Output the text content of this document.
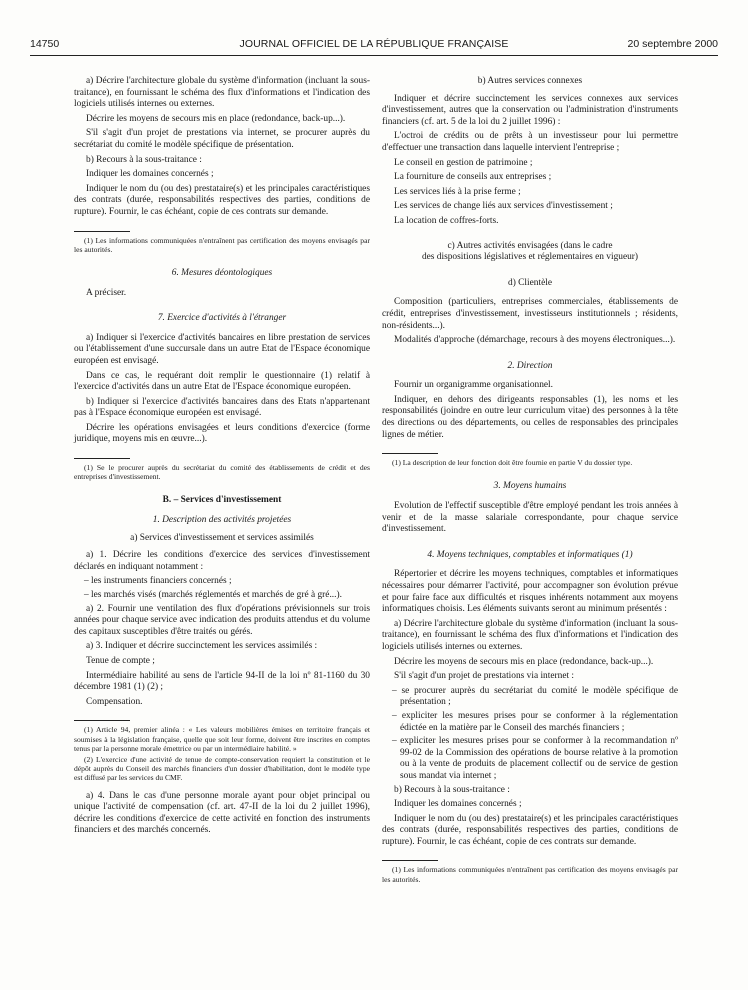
14750	JOURNAL OFFICIEL DE LA RÉPUBLIQUE FRANÇAISE	20 septembre 2000
a) Décrire l'architecture globale du système d'information (incluant la sous-traitance), en fournissant le schéma des flux d'informations et l'indication des logiciels utilisés internes ou externes.
Décrire les moyens de secours mis en place (redondance, back-up...).
S'il s'agit d'un projet de prestations via internet, se procurer auprès du secrétariat du comité le modèle spécifique de présentation.
b) Recours à la sous-traitance :
Indiquer les domaines concernés ;
Indiquer le nom du (ou des) prestataire(s) et les principales caractéristiques des contrats (durée, responsabilités respectives des parties, conditions de rupture). Fournir, le cas échéant, copie de ces contrats sur demande.
(1) Les informations communiquées n'entraînent pas certification des moyens envisagés par les autorités.
6. Mesures déontologiques
A préciser.
7. Exercice d'activités à l'étranger
a) Indiquer si l'exercice d'activités bancaires en libre prestation de services ou l'établissement d'une succursale dans un autre Etat de l'Espace économique européen est envisagé.
Dans ce cas, le requérant doit remplir le questionnaire (1) relatif à l'exercice d'activités dans un autre Etat de l'Espace économique européen.
b) Indiquer si l'exercice d'activités bancaires dans des Etats n'appartenant pas à l'Espace économique européen est envisagé.
Décrire les opérations envisagées et leurs conditions d'exercice (forme juridique, moyens mis en œuvre...).
(1) Se le procurer auprès du secrétariat du comité des établissements de crédit et des entreprises d'investissement.
B. – Services d'investissement
1. Description des activités projetées
a) Services d'investissement et services assimilés
a) 1. Décrire les conditions d'exercice des services d'investissement déclarés en indiquant notamment :
– les instruments financiers concernés ;
– les marchés visés (marchés réglementés et marchés de gré à gré...).
a) 2. Fournir une ventilation des flux d'opérations prévisionnels sur trois années pour chaque service avec indication des produits attendus et du volume des capitaux susceptibles d'être traités ou gérés.
a) 3. Indiquer et décrire succinctement les services assimilés :
Tenue de compte ;
Intermédiaire habilité au sens de l'article 94-II de la loi nº 81-1160 du 30 décembre 1981 (1) (2) ;
Compensation.
(1) Article 94, premier alinéa : « Les valeurs mobilières émises en territoire français et soumises à la législation française, quelle que soit leur forme, doivent être inscrites en comptes tenus par la personne morale émettrice ou par un intermédiaire habilité. »
(2) L'exercice d'une activité de tenue de compte-conservation requiert la constitution et le dépôt auprès du Conseil des marchés financiers d'un dossier d'habilitation, dont le modèle type est diffusé par les services du CMF.
a) 4. Dans le cas d'une personne morale ayant pour objet principal ou unique l'activité de compensation (cf. art. 47-II de la loi du 2 juillet 1996), décrire les conditions d'exercice de cette activité en fonction des instruments financiers et des marchés concernés.
b) Autres services connexes
Indiquer et décrire succinctement les services connexes aux services d'investissement, autres que la conservation ou l'administration d'instruments financiers (cf. art. 5 de la loi du 2 juillet 1996) :
L'octroi de crédits ou de prêts à un investisseur pour lui permettre d'effectuer une transaction dans laquelle intervient l'entreprise ;
Le conseil en gestion de patrimoine ;
La fourniture de conseils aux entreprises ;
Les services liés à la prise ferme ;
Les services de change liés aux services d'investissement ;
La location de coffres-forts.
c) Autres activités envisagées (dans le cadre
des dispositions législatives et réglementaires en vigueur)
d) Clientèle
Composition (particuliers, entreprises commerciales, établissements de crédit, entreprises d'investissement, investisseurs institutionnels ; résidents, non-résidents...).
Modalités d'approche (démarchage, recours à des moyens électroniques...).
2. Direction
Fournir un organigramme organisationnel.
Indiquer, en dehors des dirigeants responsables (1), les noms et les responsabilités (joindre en outre leur curriculum vitae) des personnes à la tête des directions ou des départements, ou celles de responsables des principales lignes de métier.
(1) La description de leur fonction doit être fournie en partie V du dossier type.
3. Moyens humains
Evolution de l'effectif susceptible d'être employé pendant les trois années à venir et de la masse salariale correspondante, pour chaque service d'investissement.
4. Moyens techniques, comptables et informatiques (1)
Répertorier et décrire les moyens techniques, comptables et informatiques nécessaires pour démarrer l'activité, pour accompagner son évolution prévue et pour faire face aux difficultés et risques inhérents notamment aux moyens informatiques choisis. Les éléments suivants seront au minimum présentés :
a) Décrire l'architecture globale du système d'information (incluant la sous-traitance), en fournissant le schéma des flux d'informations et l'indication des logiciels utilisés internes ou externes.
Décrire les moyens de secours mis en place (redondance, back-up...).
S'il s'agit d'un projet de prestations via internet :
– se procurer auprès du secrétariat du comité le modèle spécifique de présentation ;
– expliciter les mesures prises pour se conformer à la réglementation édictée en la matière par le Conseil des marchés financiers ;
– expliciter les mesures prises pour se conformer à la recommandation nº 99-02 de la Commission des opérations de bourse relative à la promotion ou à la vente de produits de placement collectif ou de service de gestion sous mandat via internet ;
b) Recours à la sous-traitance :
Indiquer les domaines concernés ;
Indiquer le nom du (ou des) prestataire(s) et les principales caractéristiques des contrats (durée, responsabilités respectives des parties, conditions de rupture). Fournir, le cas échéant, copie de ces contrats sur demande.
(1) Les informations communiquées n'entraînent pas certification des moyens envisagés par les autorités.
